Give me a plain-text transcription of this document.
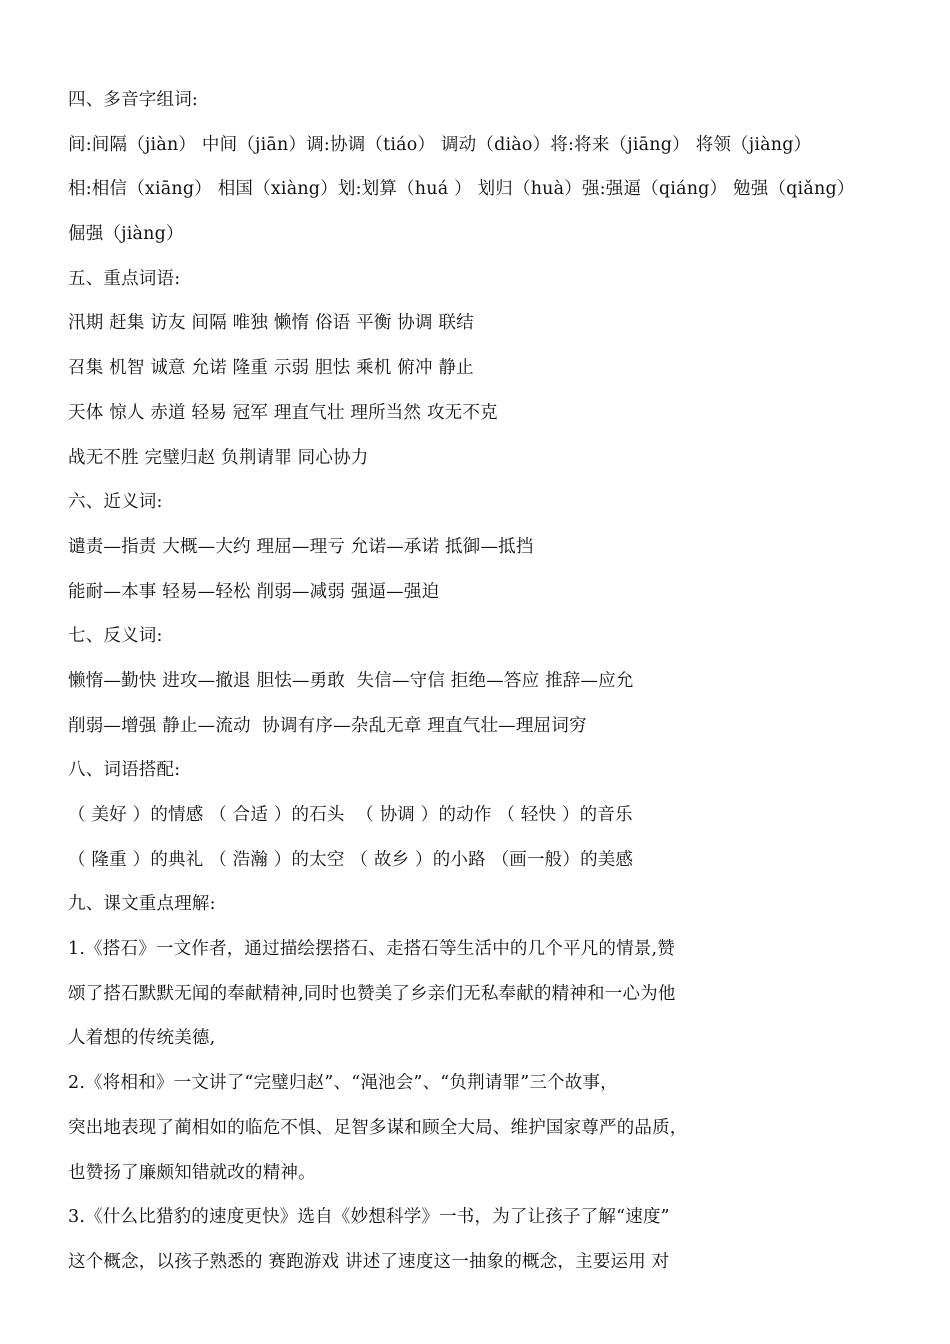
四、多音字组词:
间:间隔（jiàn） 中间（jiān）调:协调（tiáo） 调动（diào）将:将来（jiāng） 将领（jiàng）
相:相信（xiāng） 相国（xiàng）划:划算（huá ） 划归（huà）强:强逼（qiáng） 勉强（qiǎng）
倔强（jiàng）
五、重点词语:
汛期 赶集 访友 间隔 唯独 懒惰 俗语 平衡 协调 联结
召集 机智 诚意 允诺 隆重 示弱 胆怯 乘机 俯冲 静止
天体 惊人 赤道 轻易 冠军 理直气壮 理所当然 攻无不克
战无不胜 完璧归赵 负荆请罪 同心协力
六、近义词:
谴责—指责 大概—大约 理屈—理亏 允诺—承诺 抵御—抵挡
能耐—本事 轻易—轻松 削弱—减弱 强逼—强迫
七、反义词:
懒惰—勤快 进攻—撤退 胆怯—勇敢  失信—守信 拒绝—答应 推辞—应允
削弱—增强 静止—流动  协调有序—杂乱无章 理直气壮—理屈词穷
八、词语搭配:
（ 美好 ）的情感 （ 合适 ）的石头  （ 协调 ）的动作 （ 轻快 ）的音乐
（ 隆重 ）的典礼 （ 浩瀚 ）的太空 （ 故乡 ）的小路 （画一般）的美感
九、课文重点理解:
1.《搭石》一文作者，通过描绘摆搭石、走搭石等生活中的几个平凡的情景,赞
颂了搭石默默无闻的奉献精神,同时也赞美了乡亲们无私奉献的精神和一心为他
人着想的传统美德,
2.《将相和》一文讲了“完璧归赵”、“渑池会”、“负荆请罪”三个故事，
突出地表现了蔺相如的临危不惧、足智多谋和顾全大局、维护国家尊严的品质，
也赞扬了廉颇知错就改的精神。
3.《什么比猎豹的速度更快》选自《妙想科学》一书，为了让孩子了解“速度”
这个概念，以孩子熟悉的 赛跑游戏 讲述了速度这一抽象的概念，主要运用 对
